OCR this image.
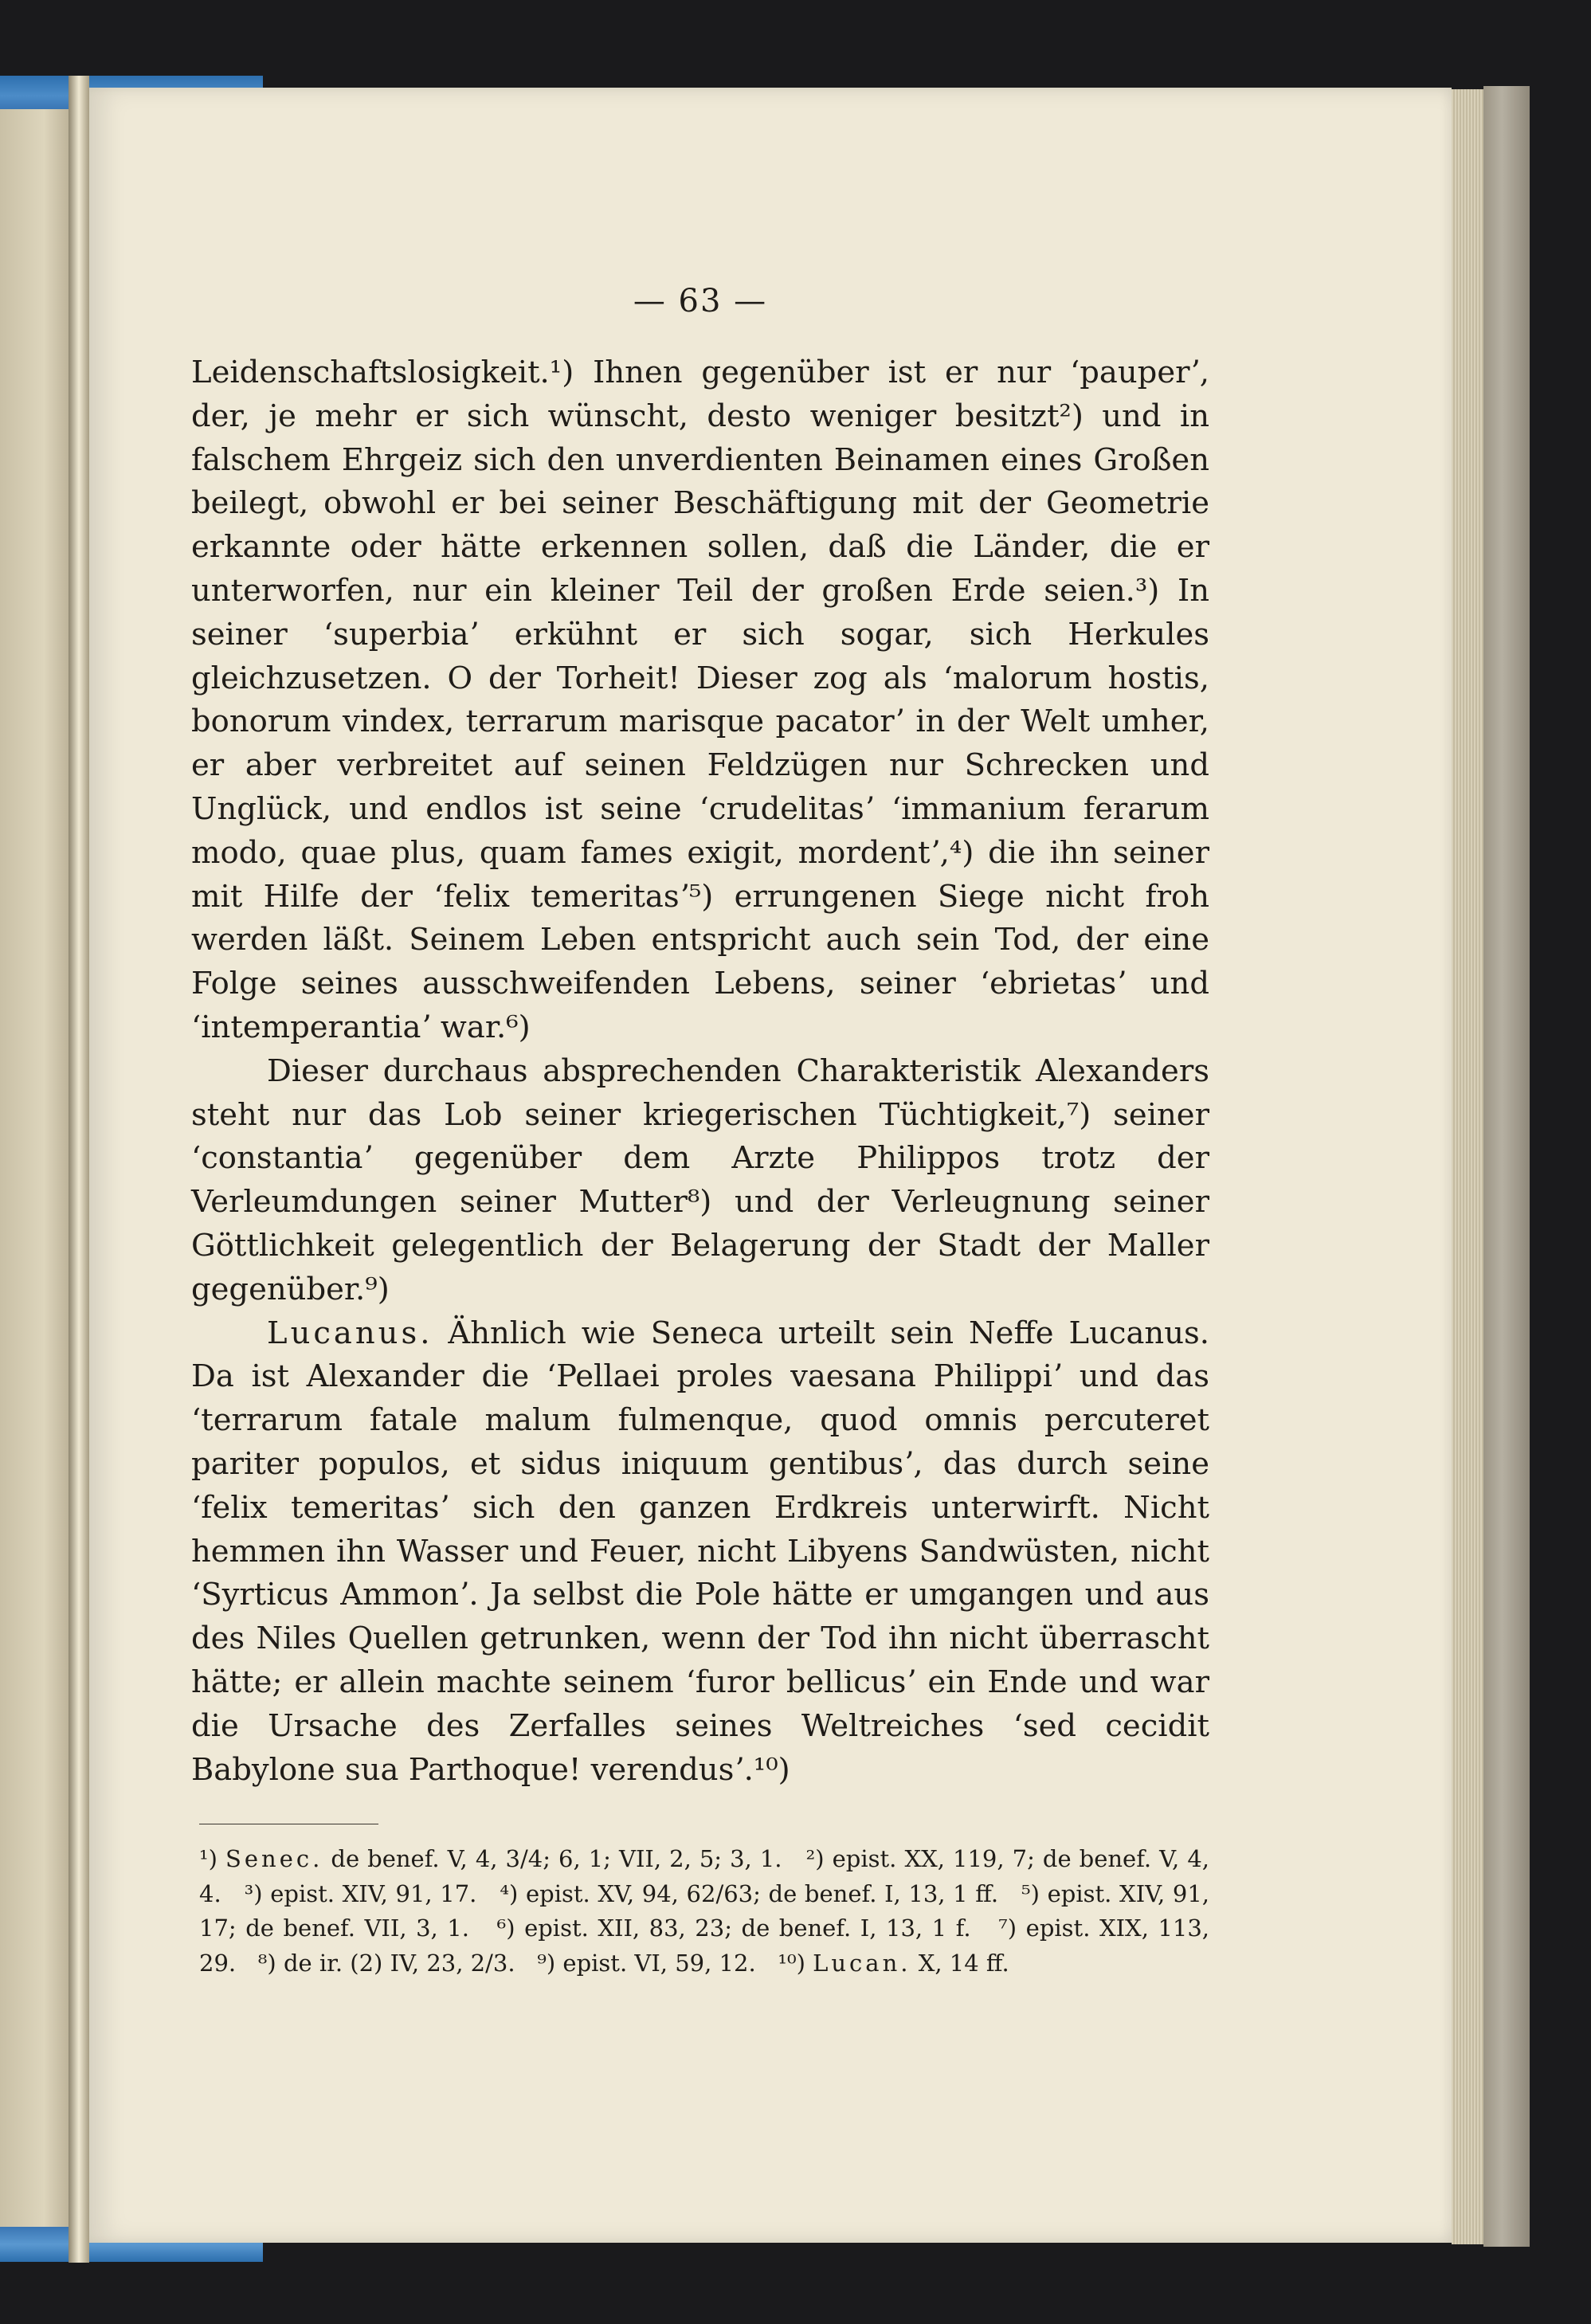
— 63 —

Leidenschaftslosigkeit.¹) Ihnen gegenüber ist er nur ʻpauperʼ, der, je mehr er sich wünscht, desto weniger besitzt²) und in falschem Ehrgeiz sich den unverdienten Beinamen eines Großen beilegt, obwohl er bei seiner Beschäftigung mit der Geometrie erkannte oder hätte erkennen sollen, daß die Länder, die er unterworfen, nur ein kleiner Teil der großen Erde seien.³) In seiner ʻsuperbiaʼ erkühnt er sich sogar, sich Herkules gleichzusetzen. O der Torheit! Dieser zog als ʻmalorum hostis, bonorum vindex, terrarum marisque pacatorʼ in der Welt umher, er aber verbreitet auf seinen Feldzügen nur Schrecken und Unglück, und endlos ist seine ʻcrudelitasʼ ʻimmanium ferarum modo, quae plus, quam fames exigit, mordentʼ,⁴) die ihn seiner mit Hilfe der ʻfelix temeritasʼ⁵) errungenen Siege nicht froh werden läßt. Seinem Leben entspricht auch sein Tod, der eine Folge seines ausschweifenden Lebens, seiner ʻebrietasʼ und ʻintemperantiaʼ war.⁶)

Dieser durchaus absprechenden Charakteristik Alexanders steht nur das Lob seiner kriegerischen Tüchtigkeit,⁷) seiner ʻconstantiaʼ gegenüber dem Arzte Philippos trotz der Verleumdungen seiner Mutter⁸) und der Verleugnung seiner Göttlichkeit gelegentlich der Belagerung der Stadt der Maller gegenüber.⁹)

Lucanus. Ähnlich wie Seneca urteilt sein Neffe Lucanus. Da ist Alexander die ʻPellaei proles vaesana Philippiʼ und das ʻterrarum fatale malum fulmenque, quod omnis percuteret pariter populos, et sidus iniquum gentibusʼ, das durch seine ʻfelix temeritasʼ sich den ganzen Erdkreis unterwirft. Nicht hemmen ihn Wasser und Feuer, nicht Libyens Sandwüsten, nicht ʻSyrticus Ammonʼ. Ja selbst die Pole hätte er umgangen und aus des Niles Quellen getrunken, wenn der Tod ihn nicht überrascht hätte; er allein machte seinem ʻfuror bellicusʼ ein Ende und war die Ursache des Zerfalles seines Weltreiches ʻsed cecidit Babylone sua Parthoque! verendusʼ.¹⁰)

¹) Senec. de benef. V, 4, 3/4; 6, 1; VII, 2, 5; 3, 1. ²) epist. XX, 119, 7; de benef. V, 4, 4. ³) epist. XIV, 91, 17. ⁴) epist. XV, 94, 62/63; de benef. I, 13, 1 ff. ⁵) epist. XIV, 91, 17; de benef. VII, 3, 1. ⁶) epist. XII, 83, 23; de benef. I, 13, 1 f. ⁷) epist. XIX, 113, 29. ⁸) de ir. (2) IV, 23, 2/3. ⁹) epist. VI, 59, 12. ¹⁰) Lucan. X, 14 ff.
